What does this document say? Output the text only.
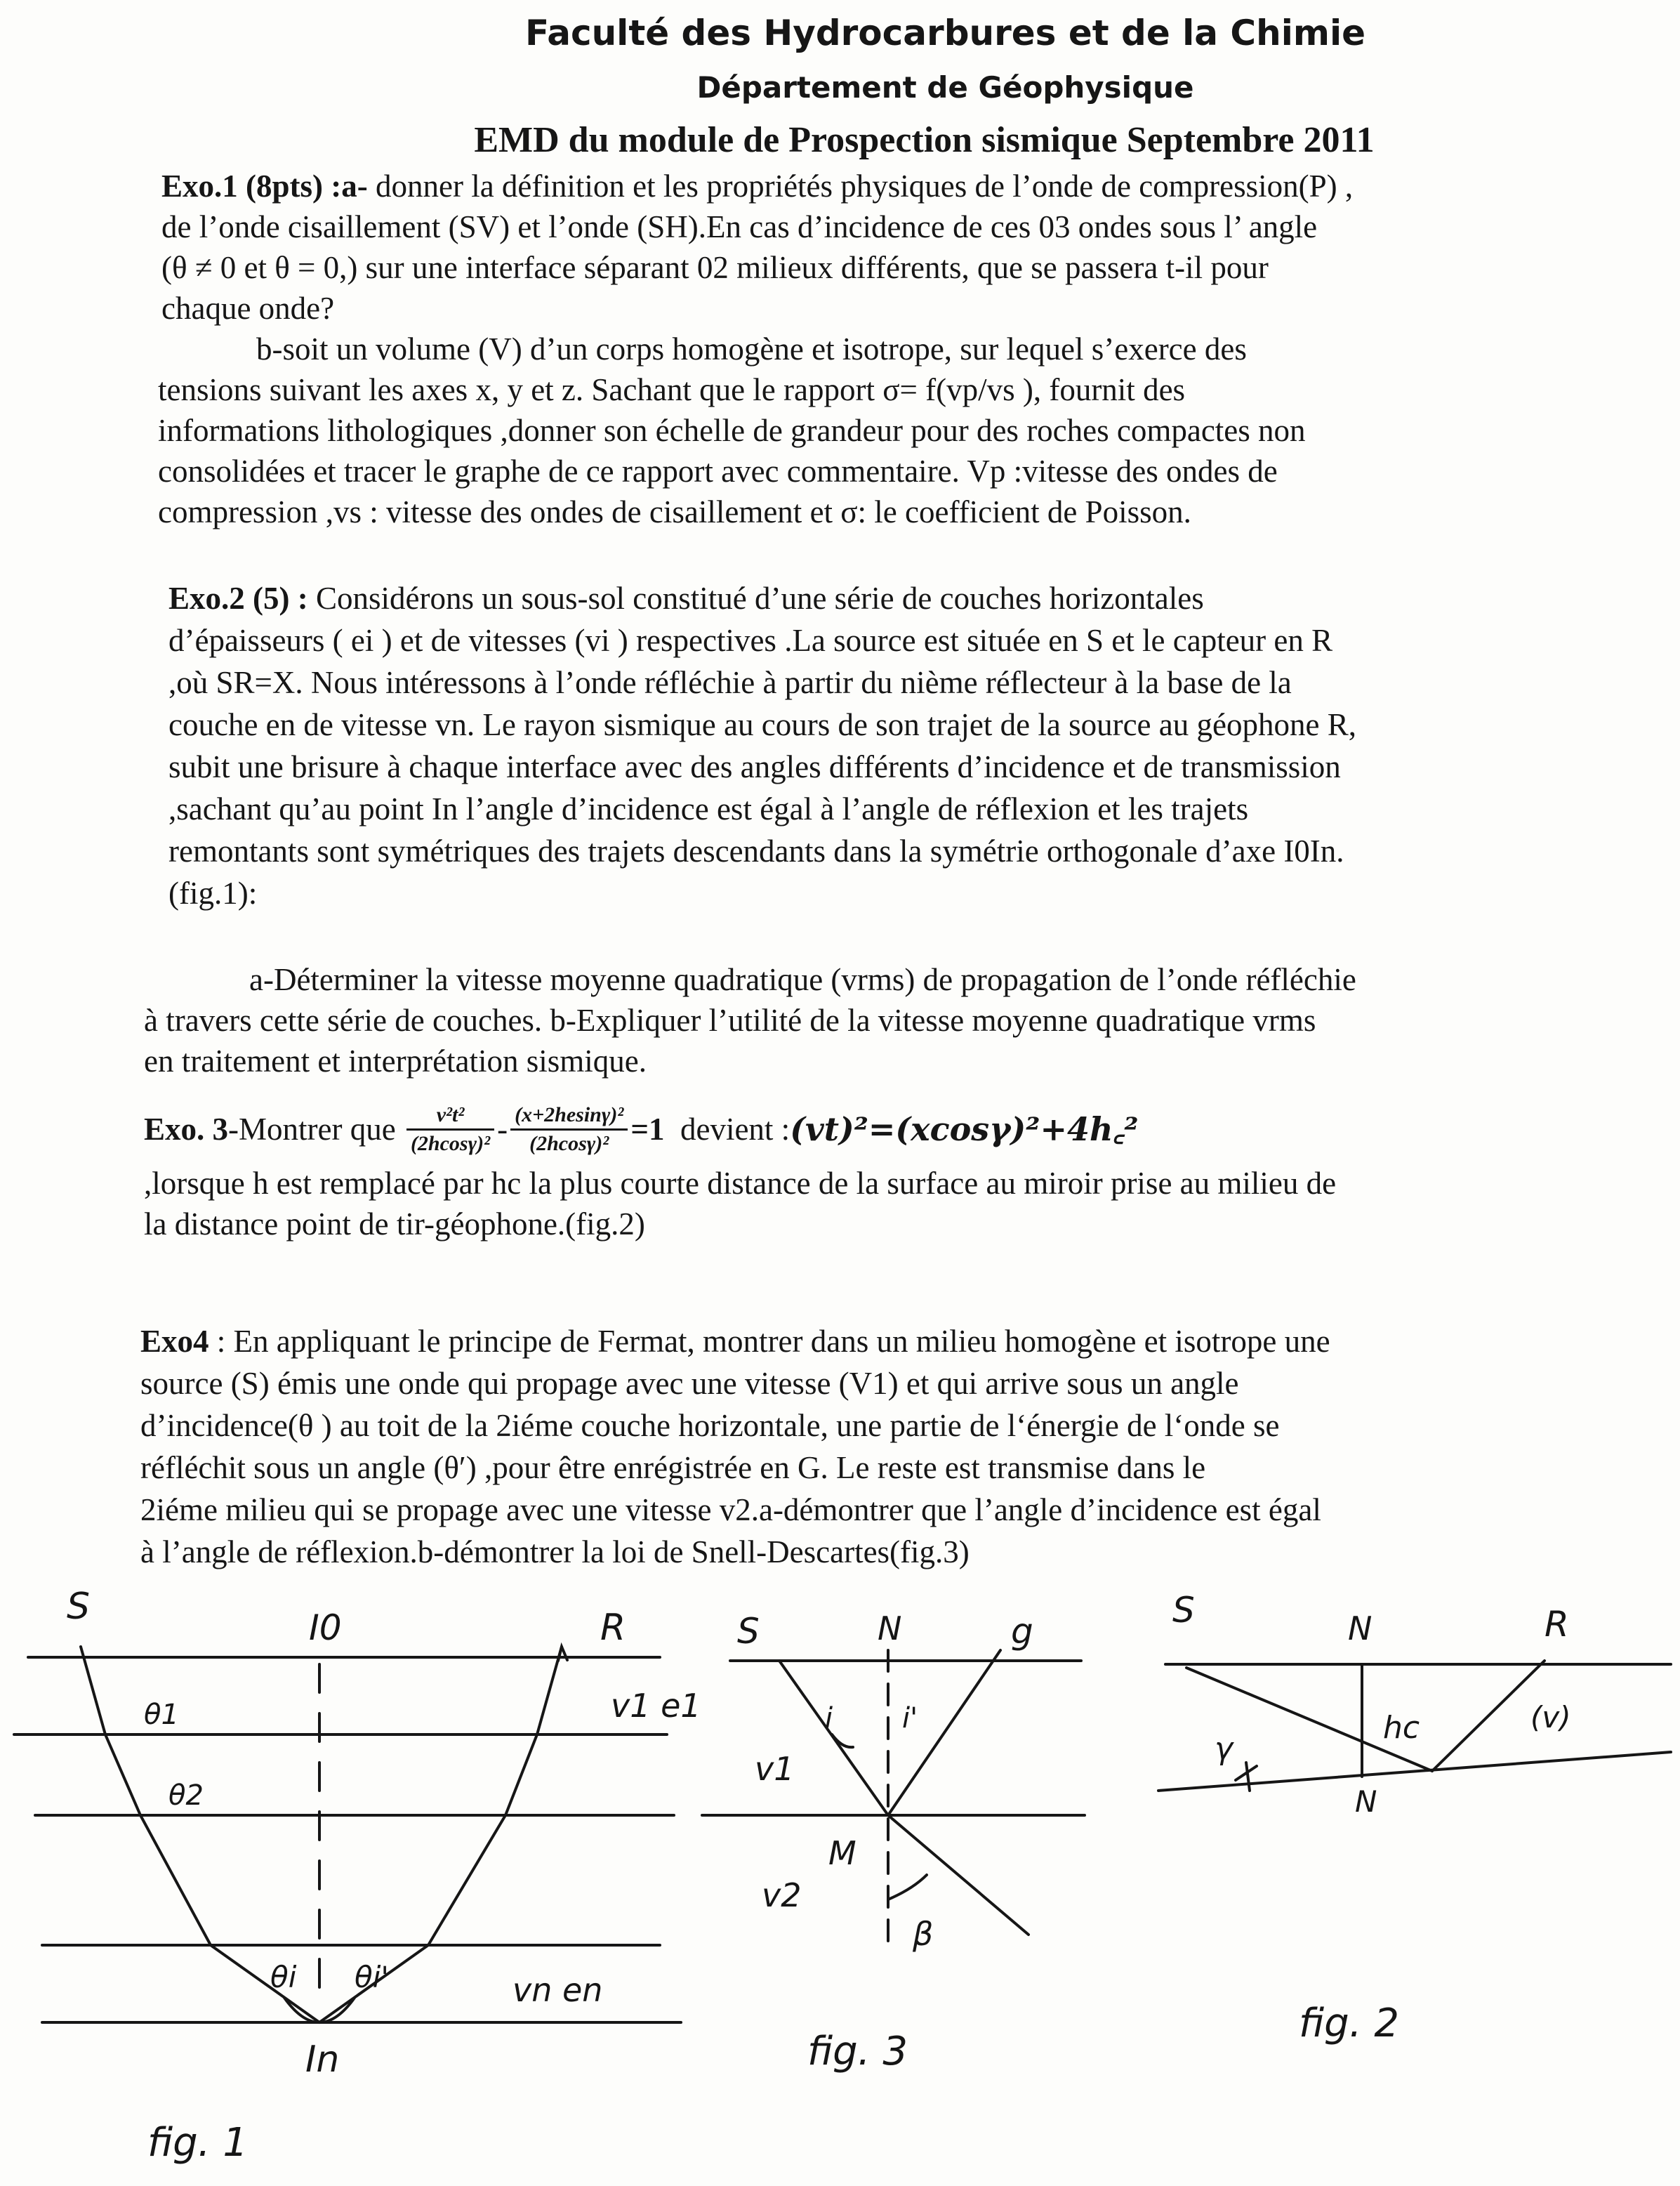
Faculté des Hydrocarbures et de la Chimie
Département de Géophysique
EMD du module de Prospection sismique Septembre 2011
Exo.1 (8pts) :a- donner la définition et les propriétés physiques de l’onde de compression(P) ,
de l’onde cisaillement (SV) et l’onde (SH).En cas d’incidence de ces 03 ondes sous l’ angle
(θ ≠ 0 et θ = 0,) sur une interface séparant 02 milieux différents, que se passera t-il pour
chaque onde?
b-soit un volume (V) d’un corps homogène et isotrope, sur lequel s’exerce des
tensions suivant les axes x, y et z. Sachant que le rapport σ= f(vp/vs ), fournit des
informations lithologiques ,donner son échelle de grandeur pour des roches compactes non
consolidées et tracer le graphe de ce rapport avec commentaire. Vp :vitesse des ondes de
compression ,vs : vitesse des ondes de cisaillement et σ: le coefficient de Poisson.
Exo.2 (5) : Considérons un sous-sol constitué d’une série de couches horizontales
d’épaisseurs ( ei ) et de vitesses (vi ) respectives .La source est située en S et le capteur en R
,où SR=X. Nous intéressons à l’onde réfléchie à partir du nième réflecteur à la base de la
couche en de vitesse vn. Le rayon sismique au cours de son trajet de la source au géophone R,
subit une brisure à chaque interface avec des angles différents d’incidence et de transmission
,sachant qu’au point In l’angle d’incidence est égal à l’angle de réflexion et les trajets
remontants sont symétriques des trajets descendants dans la symétrie orthogonale d’axe I0In.
(fig.1):
a-Déterminer la vitesse moyenne quadratique (vrms) de propagation de l’onde réfléchie
à travers cette série de couches. b-Expliquer l’utilité de la vitesse moyenne quadratique vrms
en traitement et interprétation sismique.
Exo. 3 -Montrer que $\frac{\text{v²t²}}{\text{(2hcosγ)²}} - \frac{\text{(x+2hesinγ)²}}{\text{(2hcosγ)²}} =1$ devient : (vt)²=(xcosγ)²+4h꜀²
,lorsque h est remplacé par hc la plus courte distance de la surface au miroir prise au milieu de
la distance point de tir-géophone.(fig.2)
Exo4 : En appliquant le principe de Fermat, montrer dans un milieu homogène et isotrope une
source (S) émis une onde qui propage avec une vitesse (V1) et qui arrive sous un angle
d’incidence(θ ) au toit de la 2iéme couche horizontale, une partie de l‘énergie de l‘onde se
réfléchit sous un angle (θ′) ,pour être enrégistrée en G. Le reste est transmise dans le
2iéme milieu qui se propage avec une vitesse v2.a-démontrer que l’angle d’incidence est égal
à l’angle de réflexion.b-démontrer la loi de Snell-Descartes(fig.3)
S	I0	R
θ1
θ2
v1 e1
θi θi'	vn en
In
fig. 1
S	N	g
i i'
v1
M
v2
β
fig. 3
S	N	R
hc	(v)
γ
N
fig. 2
